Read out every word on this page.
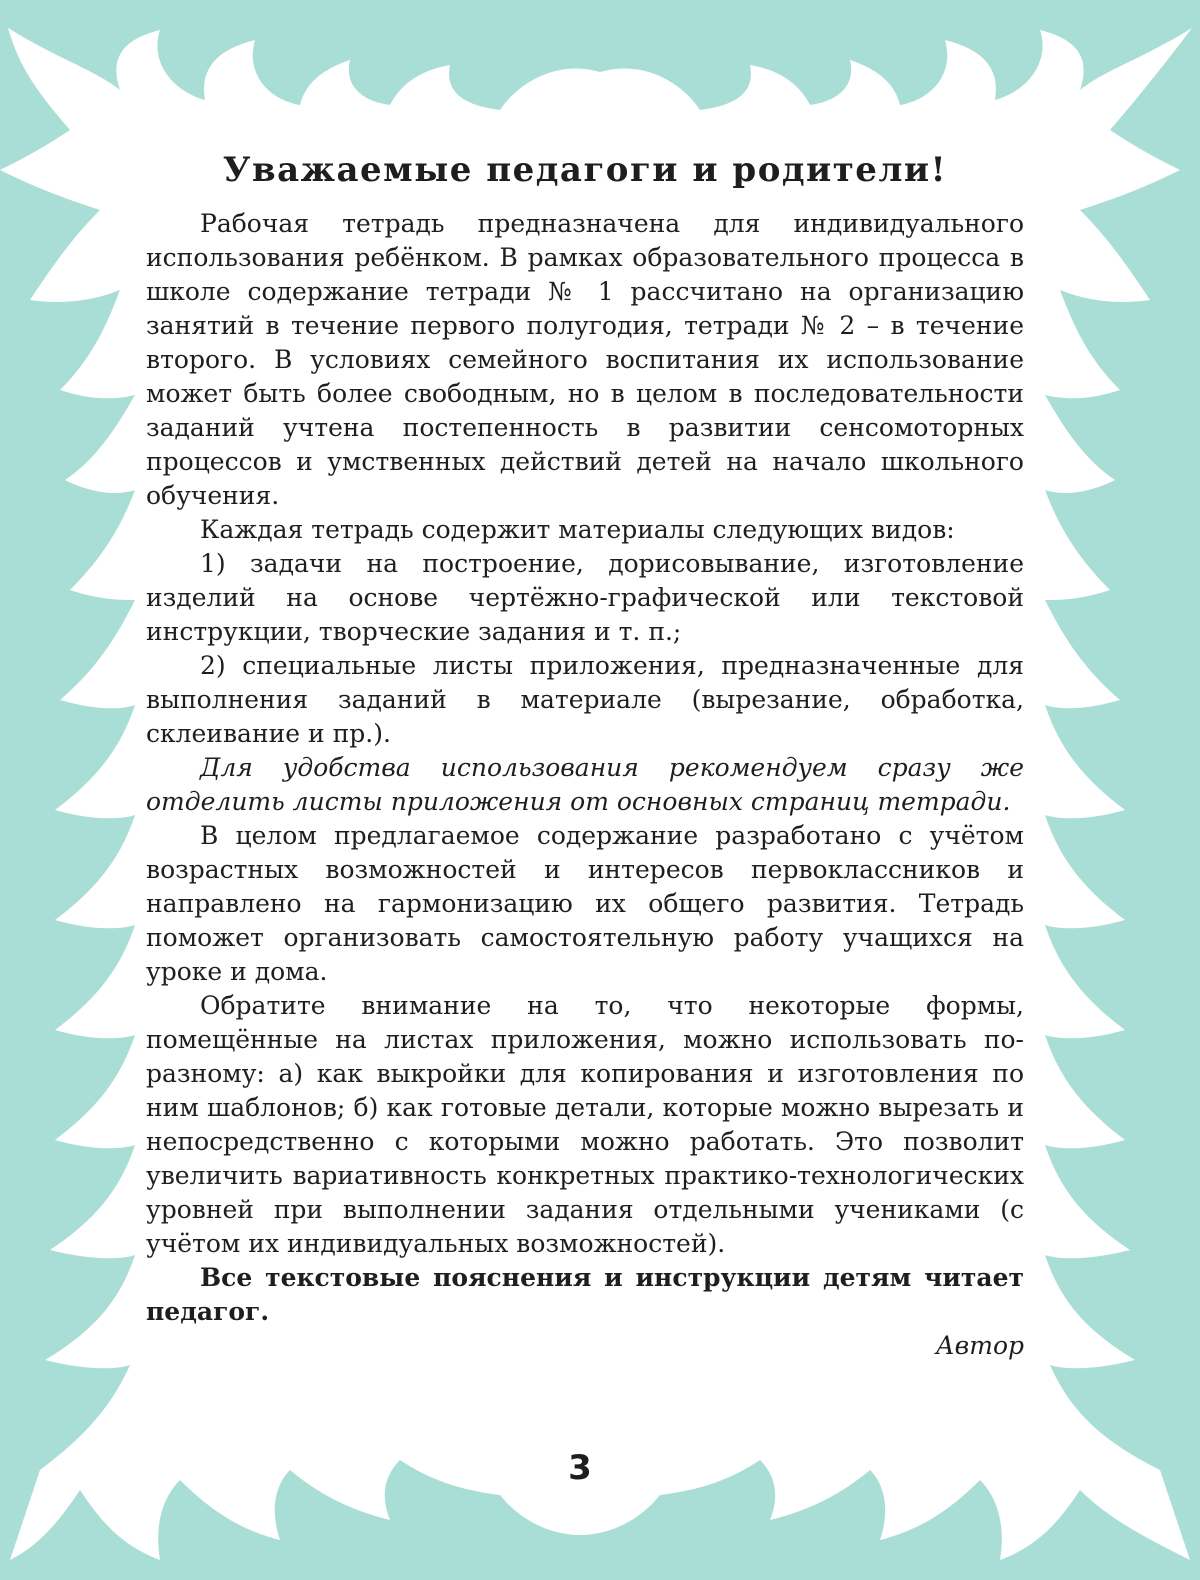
Уважаемые педагоги и родители!

Рабочая тетрадь предназначена для индивидуального использования ребёнком. В рамках образовательного процесса в школе содержание тетради № 1 рассчитано на организацию занятий в течение первого полугодия, тетради № 2 – в течение второго. В условиях семейного воспитания их использование может быть более свободным, но в целом в последовательности заданий учтена постепенность в развитии сенсомоторных процессов и умственных действий детей на начало школьного обучения.

Каждая тетрадь содержит материалы следующих видов:

1) задачи на построение, дорисовывание, изготовление изделий на основе чертёжно-графической или текстовой инструкции, творческие задания и т. п.;

2) специальные листы приложения, предназначенные для выполнения заданий в материале (вырезание, обработка, склеивание и пр.).

Для удобства использования рекомендуем сразу же отделить листы приложения от основных страниц тетради.

В целом предлагаемое содержание разработано с учётом возрастных возможностей и интересов первоклассников и направлено на гармонизацию их общего развития. Тетрадь поможет организовать самостоятельную работу учащихся на уроке и дома.

Обратите внимание на то, что некоторые формы, помещённые на листах приложения, можно использовать по-разному: а) как выкройки для копирования и изготовления по ним шаблонов; б) как готовые детали, которые можно вырезать и непосредственно с которыми можно работать. Это позволит увеличить вариативность конкретных практико-технологических уровней при выполнении задания отдельными учениками (с учётом их индивидуальных возможностей).

Все текстовые пояснения и инструкции детям читает педагог.

Автор

3
